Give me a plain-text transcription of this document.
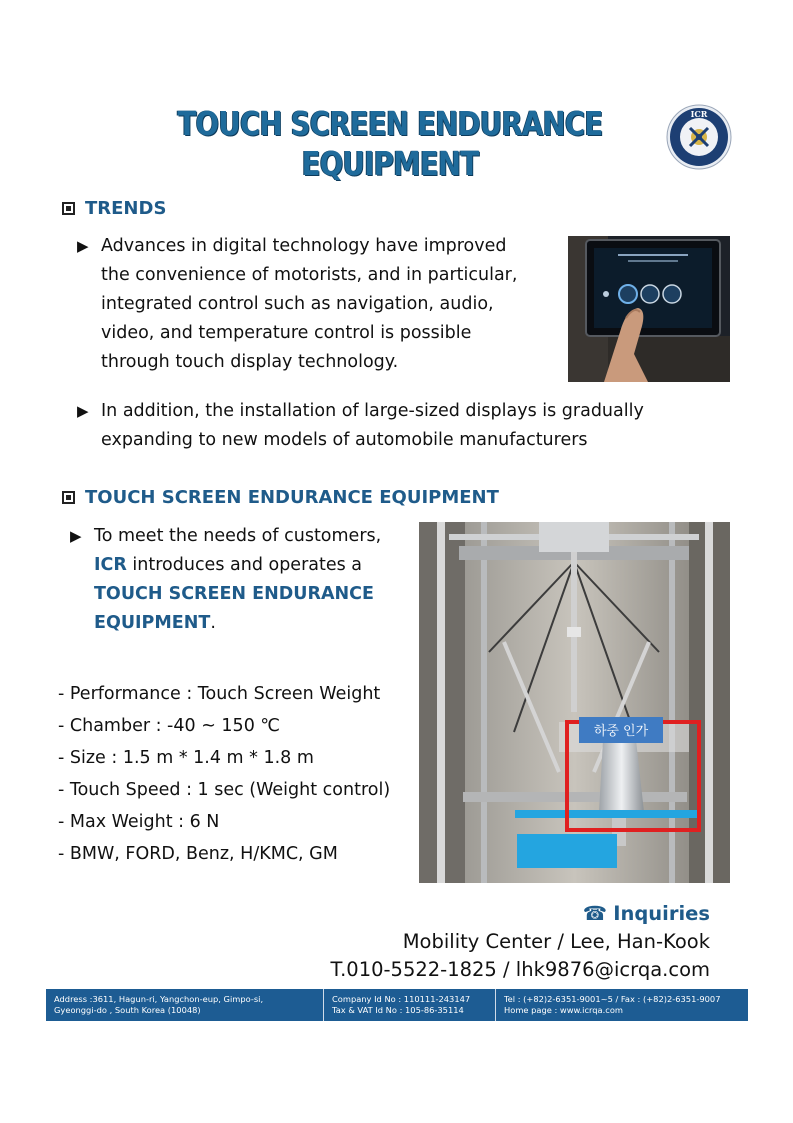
TOUCH SCREEN ENDURANCE
EQUIPMENT
ICR
TRENDS
▶ Advances in digital technology have improved
the convenience of motorists, and in particular,
integrated control such as navigation, audio,
video, and temperature control is possible
through touch display technology.
▶ In addition, the installation of large-sized displays is gradually
expanding to new models of automobile manufacturers
TOUCH SCREEN ENDURANCE EQUIPMENT
▶ To meet the needs of customers,
ICR introduces and operates a
TOUCH SCREEN ENDURANCE
EQUIPMENT.
- Performance : Touch Screen Weight
- Chamber : -40 ~ 150 ℃
- Size : 1.5 m * 1.4 m * 1.8 m
- Touch Speed : 1 sec (Weight control)
- Max Weight : 6 N
- BMW, FORD, Benz, H/KMC, GM
하중 인가
☎ Inquiries
Mobility Center / Lee, Han-Kook
T.010-5522-1825 / lhk9876@icrqa.com
Address :3611, Hagun-ri, Yangchon-eup, Gimpo-si,
Gyeonggi-do , South Korea (10048)
Company Id No : 110111-243147
Tax & VAT Id No : 105-86-35114
Tel : (+82)2-6351-9001~5 / Fax : (+82)2-6351-9007
Home page : www.icrqa.com
